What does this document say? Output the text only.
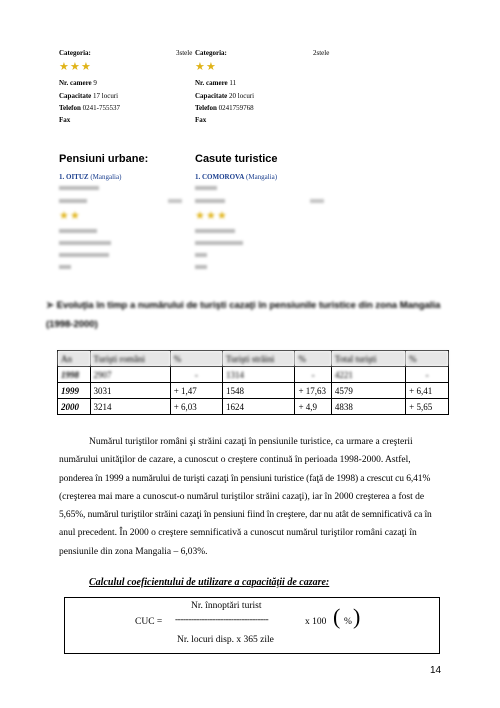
Categoria:	3stele
★ ★ ★
Nr. camere 9
Capacitate 17 locuri
Telefon 0241-755537
Fax
Categoria:	2stele
★ ★
Nr. camere 11
Capacitate 20 locuri
Telefon 0241759768
Fax
Pensiuni urbane:	Casute turistice
1. OITUZ (Mangalia)	1. COMOROVA (Mangalia)
★ ★	★ ★ ★
➤ Evoluţia în timp a numărului de turişti cazaţi în pensiunile turistice din zona Mangalia (1998-2000)
An	Turişti români	%	Turişti străini	%	Total turişti	%
1998	2907	-	1314	-	4221	-
1999	3031	+ 1,47	1548	+ 17,63	4579	+ 6,41
2000	3214	+ 6,03	1624	+ 4,9	4838	+ 5,65
Numărul turiştilor români şi străini cazaţi în pensiunile turistice, ca urmare a creşterii
numărului unităţilor de cazare, a cunoscut o creştere continuă în perioada 1998-2000. Astfel,
ponderea în 1999 a numărului de turişti cazaţi în pensiuni turistice (faţă de 1998) a crescut cu 6,41%
(creşterea mai mare a cunoscut-o numărul turiştilor străini cazaţi), iar în 2000 creşterea a fost de
5,65%, numărul turiştilor străini cazaţi în pensiuni fiind în creştere, dar nu atât de semnificativă ca în
anul precedent. În 2000 o creştere semnificativă a cunoscut numărul turiştilor români cazaţi în
pensiunile din zona Mangalia – 6,03%.
Calculul coeficientului de utilizare a capacităţii de cazare:
Nr. înnoptări turist
CUC = -----------------------------------	x 100 ( % )
Nr. locuri disp. x 365 zile
14
